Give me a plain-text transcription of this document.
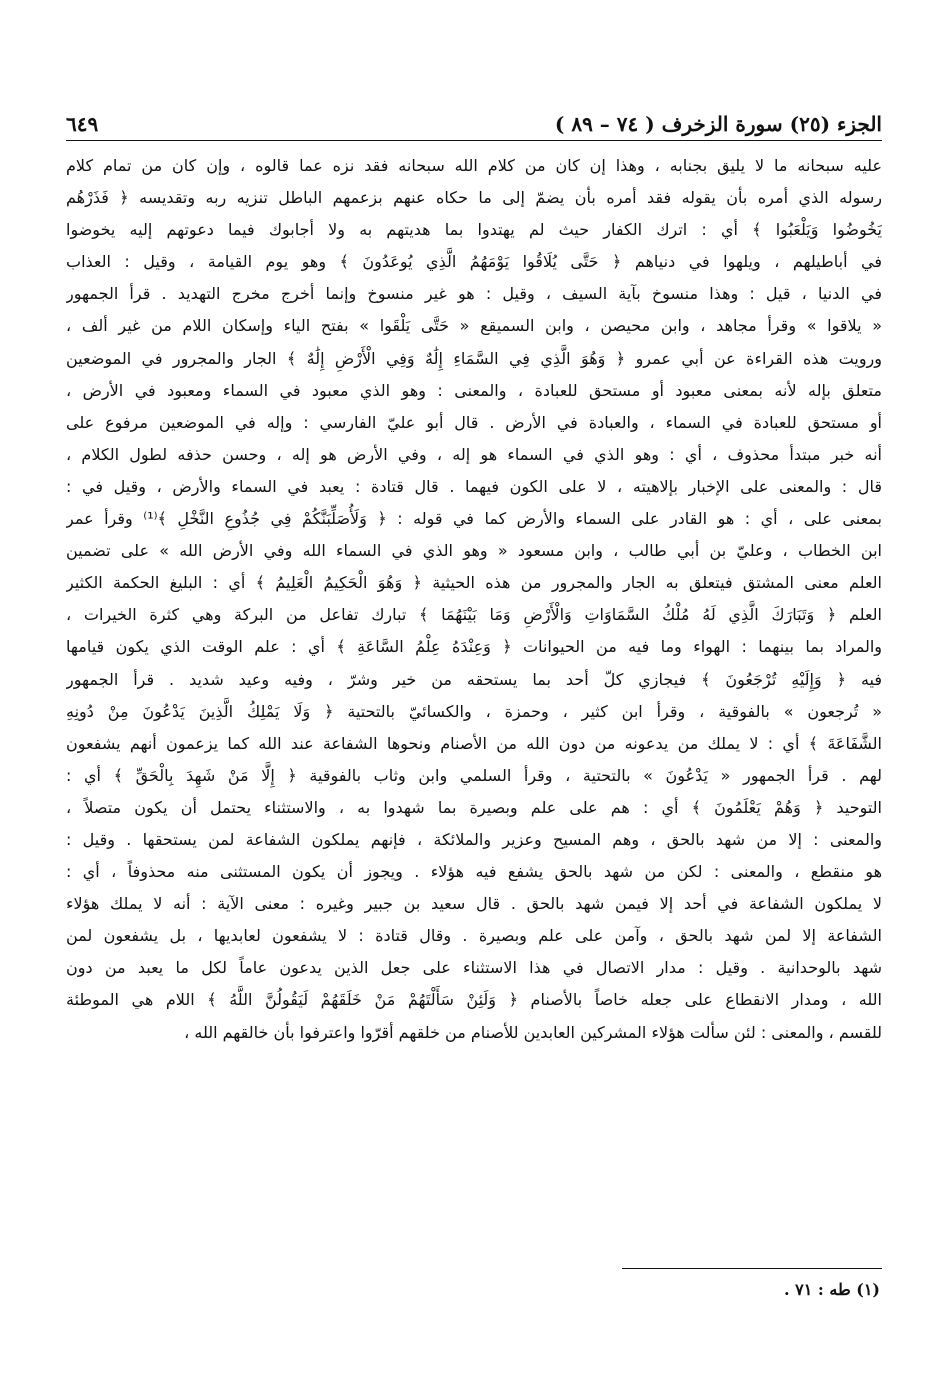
٦٤٩	الجزء (٢٥) سورة الزخرف ( ٧٤ – ٨٩ )
عليه سبحانه ما لا يليق بجنابه ، وهذا إن كان من كلام الله سبحانه فقد نزه عما قالوه ، وإن كان من تمام كلام
رسوله الذي أمره بأن يقوله فقد أمره بأن يضمّ إلى ما حكاه عنهم بزعمهم الباطل تنزيه ربه وتقديسه ﴿ فَذَرْهُم
يَخُوضُوا وَيَلْعَبُوا ﴾ أي : اترك الكفار حيث لم يهتدوا بما هديتهم به ولا أجابوك فيما دعوتهم إليه يخوضوا
في أباطيلهم ، ويلهوا في دنياهم ﴿ حَتَّى يُلَاقُوا يَوْمَهُمُ الَّذِي يُوعَدُونَ ﴾ وهو يوم القيامة ، وقيل : العذاب
في الدنيا ، قيل : وهذا منسوخ بآية السيف ، وقيل : هو غير منسوخ وإنما أخرج مخرج التهديد . قرأ الجمهور
« يلاقوا » وقرأ مجاهد ، وابن محيصن ، وابن السميقع « حَتَّى يَلْقَوا » بفتح الياء وإسكان اللام من غير ألف ،
ورويت هذه القراءة عن أبي عمرو ﴿ وَهُوَ الَّذِي فِي السَّمَاءِ إِلَٰهٌ وَفِي الْأَرْضِ إِلَٰهٌ ﴾ الجار والمجرور في الموضعين
متعلق بإله لأنه بمعنى معبود أو مستحق للعبادة ، والمعنى : وهو الذي معبود في السماء ومعبود في الأرض ،
أو مستحق للعبادة في السماء ، والعبادة في الأرض . قال أبو عليّ الفارسي : وإله في الموضعين مرفوع على
أنه خبر مبتدأ محذوف ، أي : وهو الذي في السماء هو إله ، وفي الأرض هو إله ، وحسن حذفه لطول الكلام ،
قال : والمعنى على الإخبار بإلاهيته ، لا على الكون فيهما . قال قتادة : يعبد في السماء والأرض ، وقيل في :
بمعنى على ، أي : هو القادر على السماء والأرض كما في قوله : ﴿ وَلَأُصَلِّبَنَّكُمْ فِي جُذُوعِ النَّخْلِ ﴾⁽¹⁾ وقرأ عمر
ابن الخطاب ، وعليّ بن أبي طالب ، وابن مسعود « وهو الذي في السماء الله وفي الأرض الله » على تضمين
العلم معنى المشتق فيتعلق به الجار والمجرور من هذه الحيثية ﴿ وَهُوَ الْحَكِيمُ الْعَلِيمُ ﴾ أي : البليغ الحكمة الكثير
العلم ﴿ وَتَبَارَكَ الَّذِي لَهُ مُلْكُ السَّمَاوَاتِ وَالْأَرْضِ وَمَا بَيْنَهُمَا ﴾ تبارك تفاعل من البركة وهي كثرة الخيرات ،
والمراد بما بينهما : الهواء وما فيه من الحيوانات ﴿ وَعِنْدَهُ عِلْمُ السَّاعَةِ ﴾ أي : علم الوقت الذي يكون قيامها
فيه ﴿ وَإِلَيْهِ تُرْجَعُونَ ﴾ فيجازي كلّ أحد بما يستحقه من خير وشرّ ، وفيه وعيد شديد . قرأ الجمهور
« تُرجعون » بالفوقية ، وقرأ ابن كثير ، وحمزة ، والكسائيّ بالتحتية ﴿ وَلَا يَمْلِكُ الَّذِينَ يَدْعُونَ مِنْ دُونِهِ
الشَّفَاعَةَ ﴾ أي : لا يملك من يدعونه من دون الله من الأصنام ونحوها الشفاعة عند الله كما يزعمون أنهم يشفعون
لهم . قرأ الجمهور « يَدْعُونَ » بالتحتية ، وقرأ السلمي وابن وثاب بالفوقية ﴿ إِلَّا مَنْ شَهِدَ بِالْحَقِّ ﴾ أي :
التوحيد ﴿ وَهُمْ يَعْلَمُونَ ﴾ أي : هم على علم وبصيرة بما شهدوا به ، والاستثناء يحتمل أن يكون متصلاً ،
والمعنى : إلا من شهد بالحق ، وهم المسيح وعزير والملائكة ، فإنهم يملكون الشفاعة لمن يستحقها . وقيل :
هو منقطع ، والمعنى : لكن من شهد بالحق يشفع فيه هؤلاء . ويجوز أن يكون المستثنى منه محذوفاً ، أي :
لا يملكون الشفاعة في أحد إلا فيمن شهد بالحق . قال سعيد بن جبير وغيره : معنى الآية : أنه لا يملك هؤلاء
الشفاعة إلا لمن شهد بالحق ، وآمن على علم وبصيرة . وقال قتادة : لا يشفعون لعابديها ، بل يشفعون لمن
شهد بالوحدانية . وقيل : مدار الاتصال في هذا الاستثناء على جعل الذين يدعون عاماً لكل ما يعبد من دون
الله ، ومدار الانقطاع على جعله خاصاً بالأصنام ﴿ وَلَئِنْ سَأَلْتَهُمْ مَنْ خَلَقَهُمْ لَيَقُولُنَّ اللَّهُ ﴾ اللام هي الموطئة
للقسم ، والمعنى : لئن سألت هؤلاء المشركين العابدين للأصنام من خلقهم أقرّوا واعترفوا بأن خالقهم الله ،
(١) طه : ٧١ .
